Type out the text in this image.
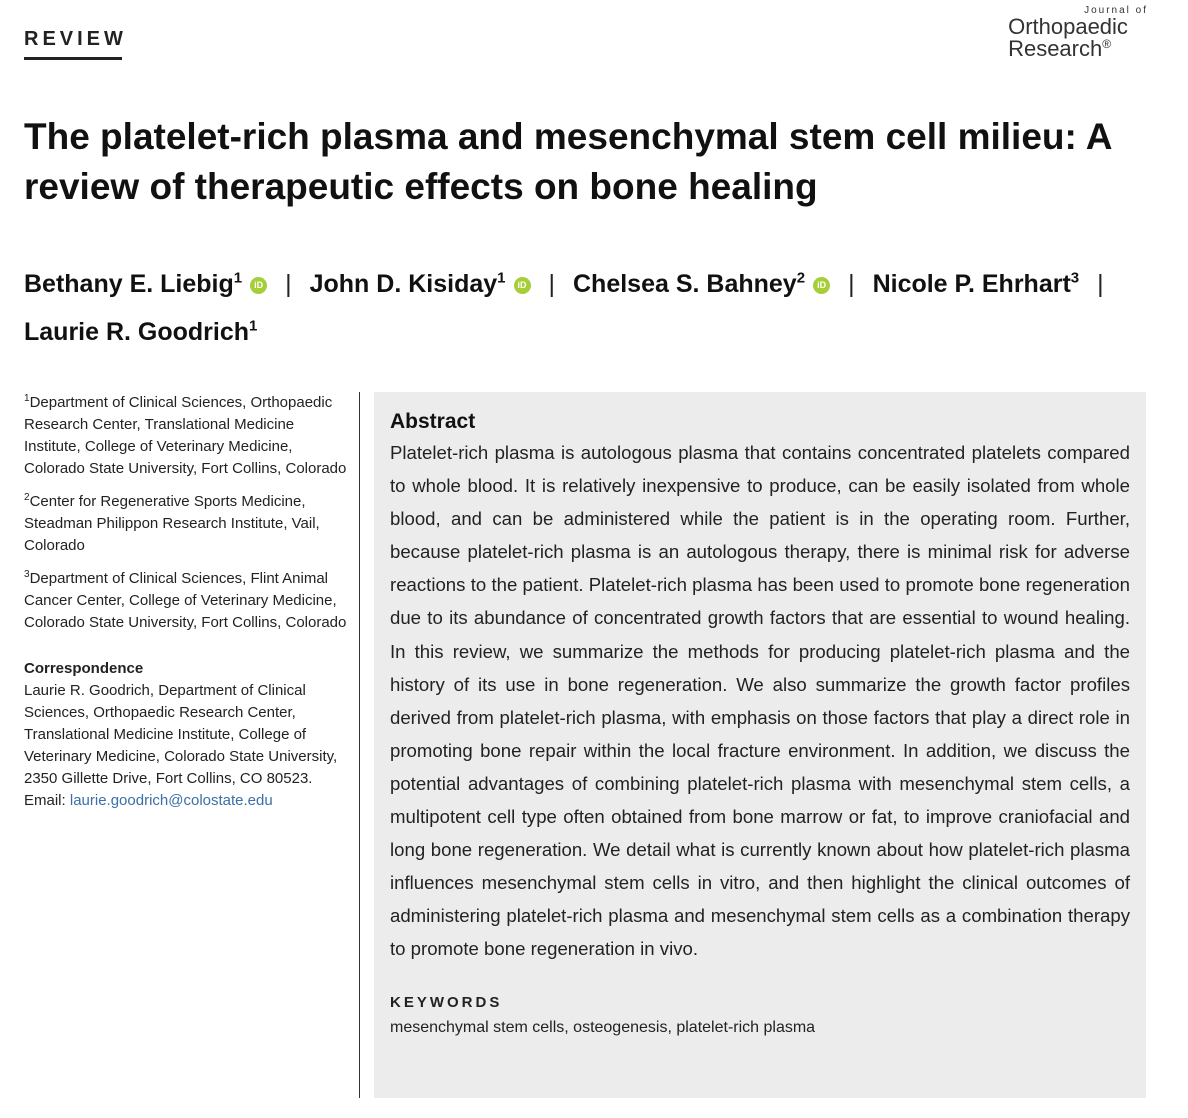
REVIEW
Journal of
Orthopaedic
Research®
The platelet-rich plasma and mesenchymal stem cell milieu: A review of therapeutic effects on bone healing
Bethany E. Liebig$^1$ iD | John D. Kisiday$^1$ iD | Chelsea S. Bahney$^2$ iD | Nicole P. Ehrhart$^3$ |
Laurie R. Goodrich$^1$
$^1$Department of Clinical Sciences, Orthopaedic Research Center, Translational Medicine Institute, College of Veterinary Medicine, Colorado State University, Fort Collins, Colorado
$^2$Center for Regenerative Sports Medicine, Steadman Philippon Research Institute, Vail, Colorado
$^3$Department of Clinical Sciences, Flint Animal Cancer Center, College of Veterinary Medicine, Colorado State University, Fort Collins, Colorado
Correspondence
Laurie R. Goodrich, Department of Clinical Sciences, Orthopaedic Research Center, Translational Medicine Institute, College of Veterinary Medicine, Colorado State University, 2350 Gillette Drive, Fort Collins, CO 80523.
Email: laurie.goodrich@colostate.edu
Abstract

Platelet-rich plasma is autologous plasma that contains concentrated platelets compared to whole blood. It is relatively inexpensive to produce, can be easily isolated from whole blood, and can be administered while the patient is in the operating room. Further, because platelet-rich plasma is an autologous therapy, there is minimal risk for adverse reactions to the patient. Platelet-rich plasma has been used to promote bone regeneration due to its abundance of concentrated growth factors that are essential to wound healing. In this review, we summarize the methods for producing platelet-rich plasma and the history of its use in bone regeneration. We also summarize the growth factor profiles derived from platelet-rich plasma, with emphasis on those factors that play a direct role in promoting bone repair within the local fracture environment. In addition, we discuss the potential advantages of combining platelet-rich plasma with mesenchymal stem cells, a multipotent cell type often obtained from bone marrow or fat, to improve craniofacial and long bone regeneration. We detail what is currently known about how platelet-rich plasma influences mesenchymal stem cells in vitro, and then highlight the clinical outcomes of administering platelet-rich plasma and mesenchymal stem cells as a combination therapy to promote bone regeneration in vivo.

KEYWORDS
mesenchymal stem cells, osteogenesis, platelet-rich plasma
